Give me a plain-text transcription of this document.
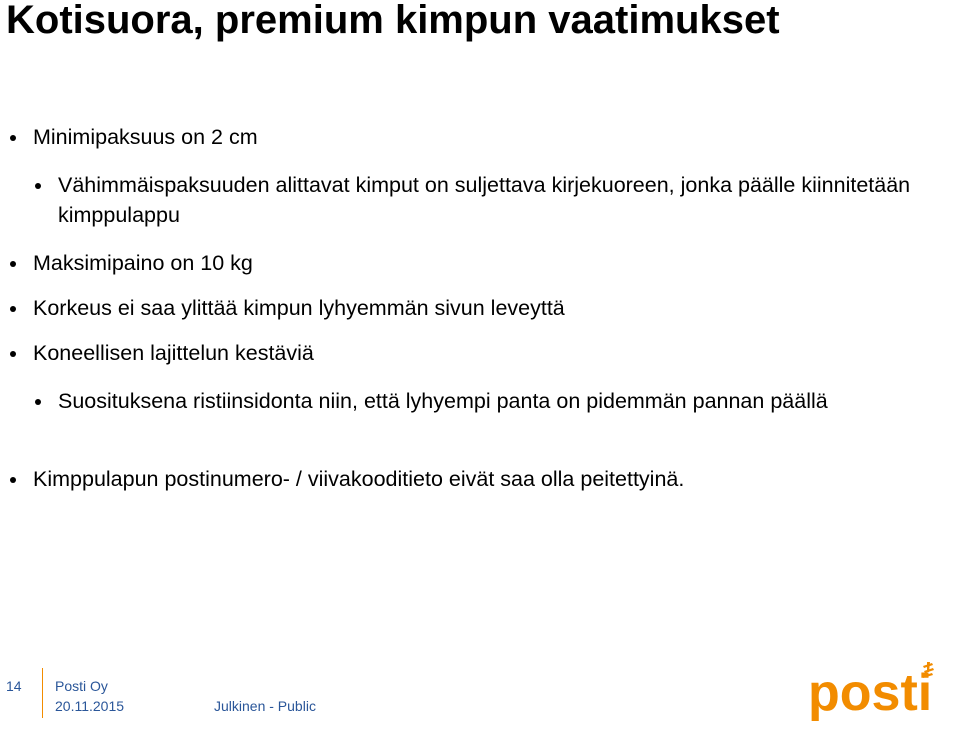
Kotisuora, premium kimpun vaatimukset
Minimipaksuus on 2 cm
Vähimmäispaksuuden alittavat kimput on suljettava kirjekuoreen, jonka päälle kiinnitetään kimppulappu
Maksimipaino on 10 kg
Korkeus ei saa ylittää kimpun lyhyemmän sivun leveyttä
Koneellisen lajittelun kestäviä
Suosituksena ristiinsidonta niin, että lyhyempi panta on pidemmän pannan päällä
Kimppulapun postinumero- / viivakooditieto eivät saa olla peitettyinä.
14 Posti Oy
20.11.2015	Julkinen - Public	posti
